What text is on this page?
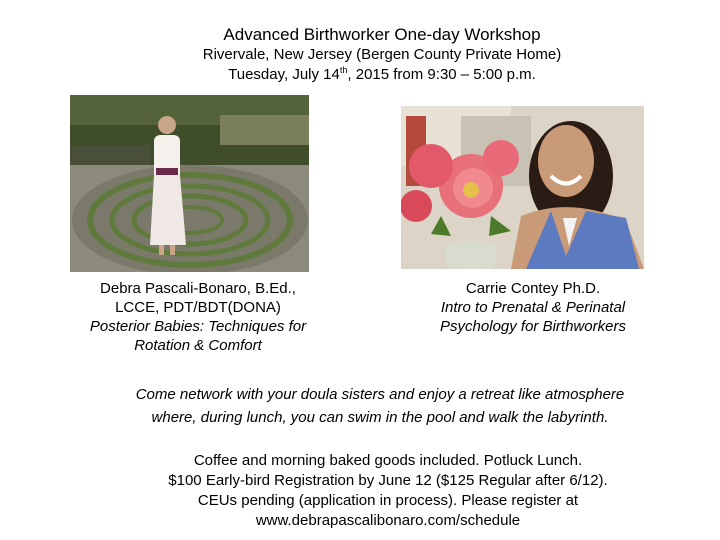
Advanced Birthworker One-day Workshop
Rivervale, New Jersey (Bergen County Private Home)
Tuesday, July 14th, 2015 from 9:30 – 5:00 p.m.
Debra Pascali-Bonaro, B.Ed.,
LCCE, PDT/BDT(DONA)
Posterior Babies: Techniques for
Rotation & Comfort
Carrie Contey Ph.D.
Intro to Prenatal & Perinatal
Psychology for Birthworkers
Come network with your doula sisters and enjoy a retreat like atmosphere
where, during lunch, you can swim in the pool and walk the labyrinth.
Coffee and morning baked goods included. Potluck Lunch.
$100 Early-bird Registration by June 12 ($125 Regular after 6/12).
CEUs pending (application in process). Please register at
www.debrapascalibonaro.com/schedule
